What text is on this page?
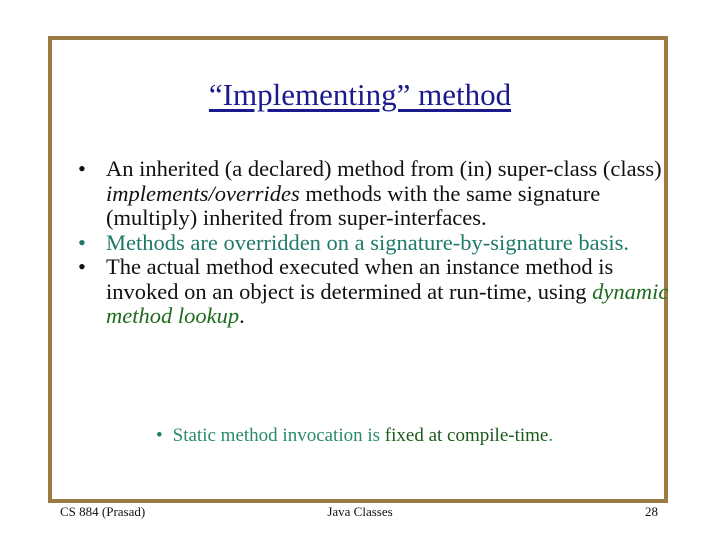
“Implementing” method
• An inherited (a declared) method from (in) super-class (class) implements/overrides methods with the same signature (multiply) inherited from super-interfaces.
• Methods are overridden on a signature-by-signature basis.
• The actual method executed when an instance method is invoked on an object is determined at run-time, using dynamic method lookup.
• Static method invocation is fixed at compile-time.
CS 884 (Prasad)	Java Classes	28
